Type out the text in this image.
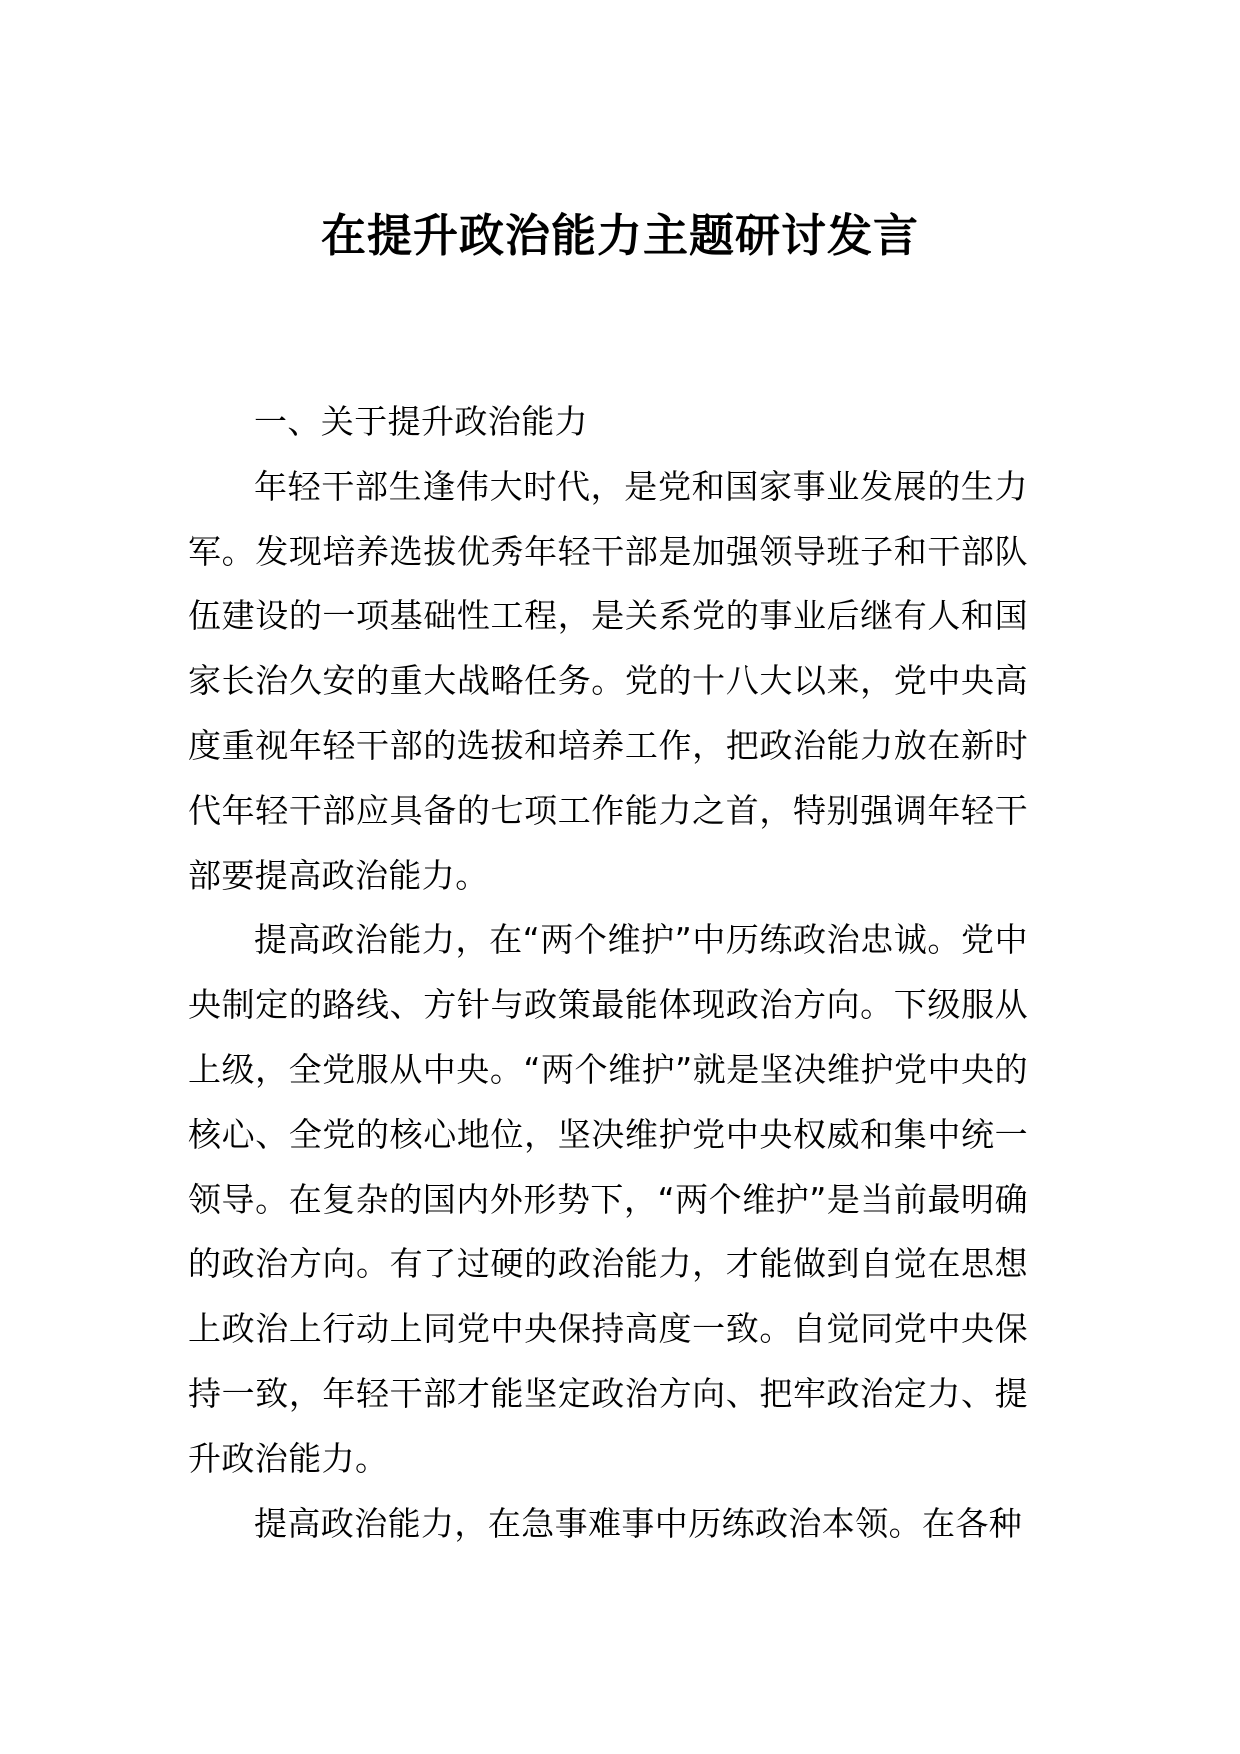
在提升政治能力主题研讨发言

一、关于提升政治能力

年轻干部生逢伟大时代，是党和国家事业发展的生力军。发现培养选拔优秀年轻干部是加强领导班子和干部队伍建设的一项基础性工程，是关系党的事业后继有人和国家长治久安的重大战略任务。党的十八大以来，党中央高度重视年轻干部的选拔和培养工作，把政治能力放在新时代年轻干部应具备的七项工作能力之首，特别强调年轻干部要提高政治能力。

提高政治能力，在“两个维护”中历练政治忠诚。党中央制定的路线、方针与政策最能体现政治方向。下级服从上级，全党服从中央。“两个维护”就是坚决维护党中央的核心、全党的核心地位，坚决维护党中央权威和集中统一领导。在复杂的国内外形势下，“两个维护”是当前最明确的政治方向。有了过硬的政治能力，才能做到自觉在思想上政治上行动上同党中央保持高度一致。自觉同党中央保持一致，年轻干部才能坚定政治方向、把牢政治定力、提升政治能力。

提高政治能力，在急事难事中历练政治本领。在各种
